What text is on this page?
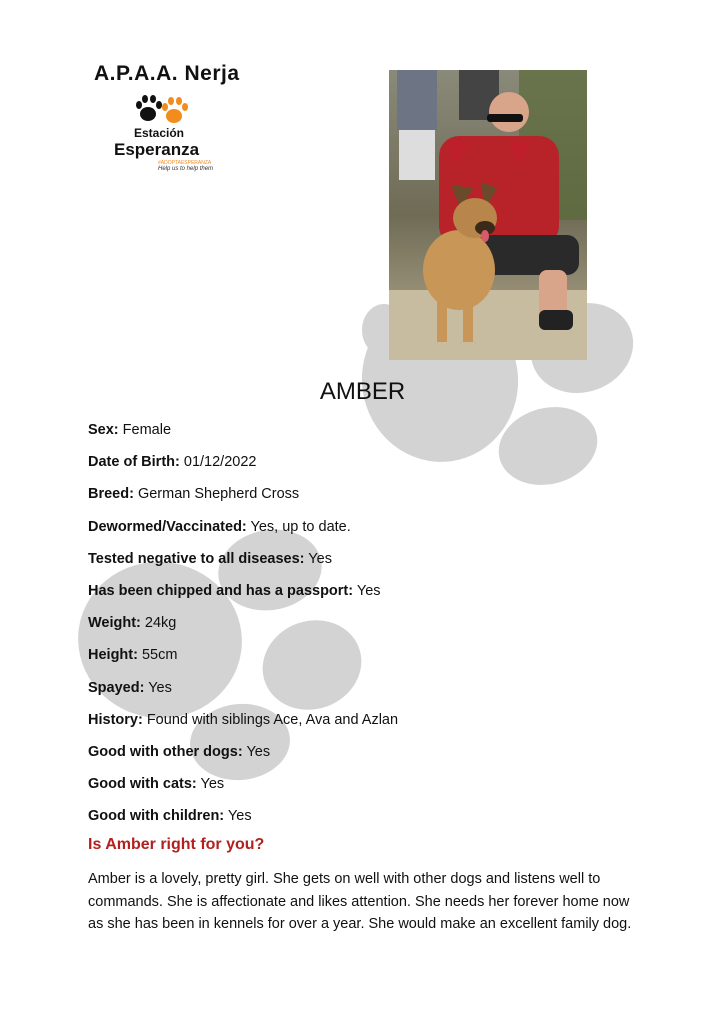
A.P.A.A. Nerja
Estación
Esperanza
#ADOPTAESPERANZA
Help us to help them
AMBER
Sex: Female
Date of Birth: 01/12/2022
Breed: German Shepherd Cross
Dewormed/Vaccinated: Yes, up to date.
Tested negative to all diseases: Yes
Has been chipped and has a passport: Yes
Weight: 24kg
Height: 55cm
Spayed: Yes
History: Found with siblings Ace, Ava and Azlan
Good with other dogs: Yes
Good with cats: Yes
Good with children: Yes
Is Amber right for you?
Amber is a lovely, pretty girl. She gets on well with other dogs and listens well to commands. She is affectionate and likes attention. She needs her forever home now as she has been in kennels for over a year. She would make an excellent family dog.
